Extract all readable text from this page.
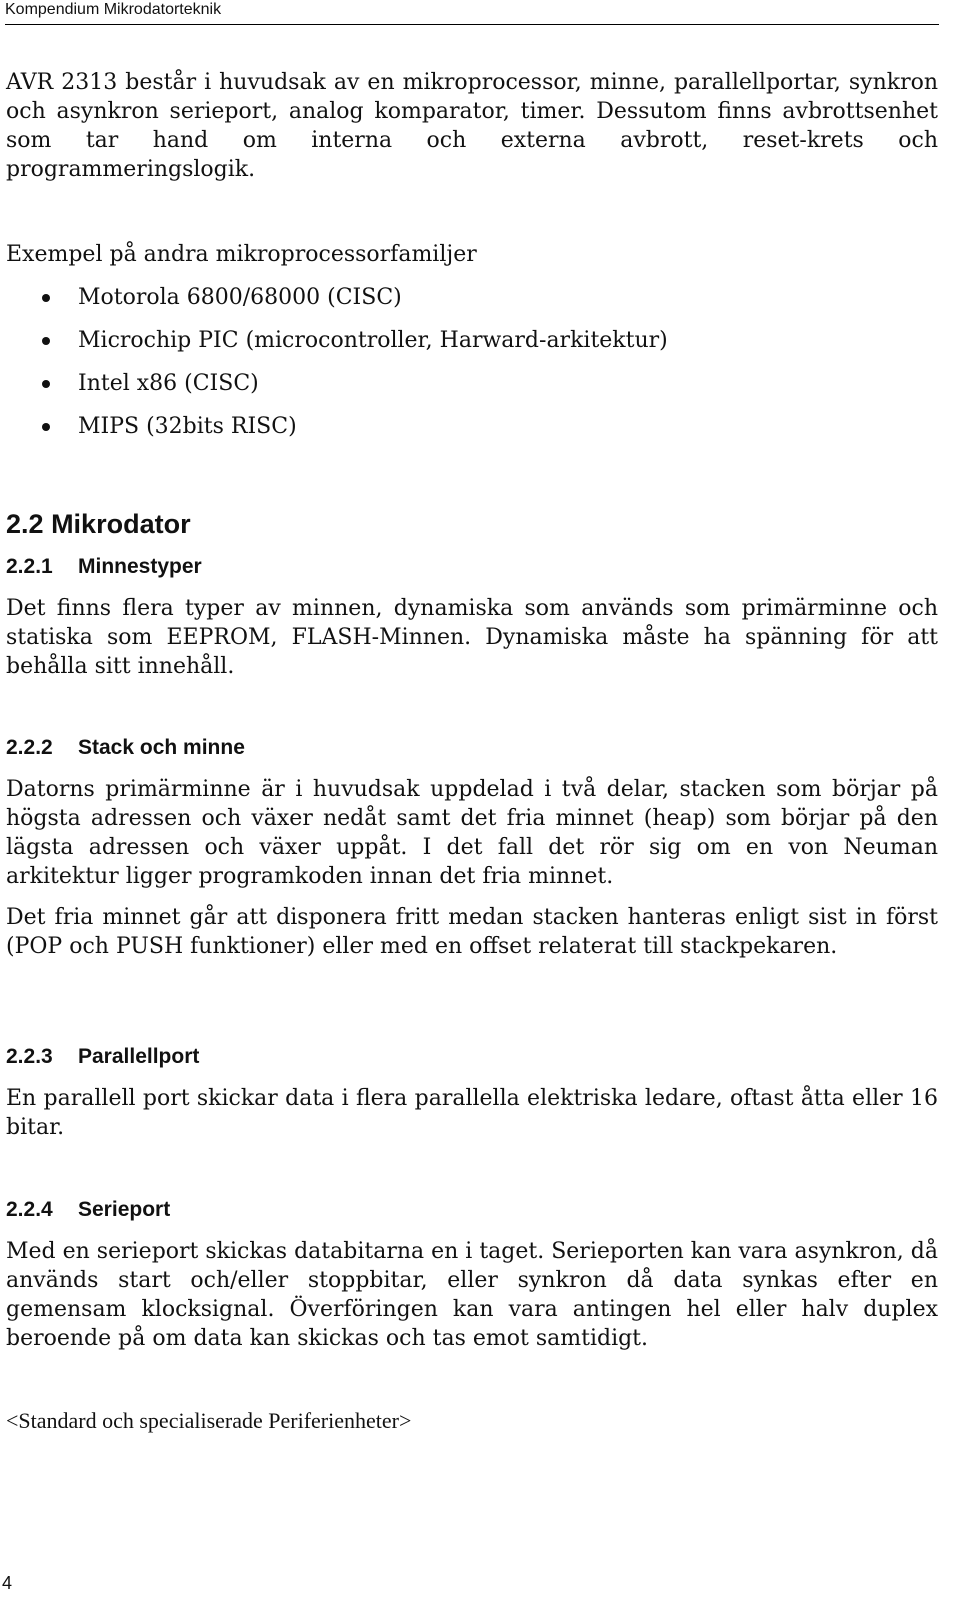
Kompendium Mikrodatorteknik

AVR 2313 består i huvudsak av en mikroprocessor, minne, parallellportar, synkron och asynkron serieport, analog komparator, timer. Dessutom finns avbrottsenhet som tar hand om interna och externa avbrott, reset-krets och programmeringslogik.

Exempel på andra mikroprocessorfamiljer

Motorola 6800/68000 (CISC)
Microchip PIC (microcontroller, Harward-arkitektur)
Intel x86 (CISC)
MIPS (32bits RISC)
2.2 Mikrodator
2.2.1 Minnestyper

Det finns flera typer av minnen, dynamiska som används som primärminne och statiska som EEPROM, FLASH-Minnen. Dynamiska måste ha spänning för att behålla sitt innehåll.

2.2.2 Stack och minne

Datorns primärminne är i huvudsak uppdelad i två delar, stacken som börjar på högsta adressen och växer nedåt samt det fria minnet (heap) som börjar på den lägsta adressen och växer uppåt. I det fall det rör sig om en von Neuman arkitektur ligger programkoden innan det fria minnet.

Det fria minnet går att disponera fritt medan stacken hanteras enligt sist in först (POP och PUSH funktioner) eller med en offset relaterat till stackpekaren.

2.2.3 Parallellport

En parallell port skickar data i flera parallella elektriska ledare, oftast åtta eller 16 bitar.

2.2.4 Serieport

Med en serieport skickas databitarna en i taget. Serieporten kan vara asynkron, då används start och/eller stoppbitar, eller synkron då data synkas efter en gemensam klocksignal. Överföringen kan vara antingen hel eller halv duplex beroende på om data kan skickas och tas emot samtidigt.

<Standard och specialiserade Periferienheter>
4
